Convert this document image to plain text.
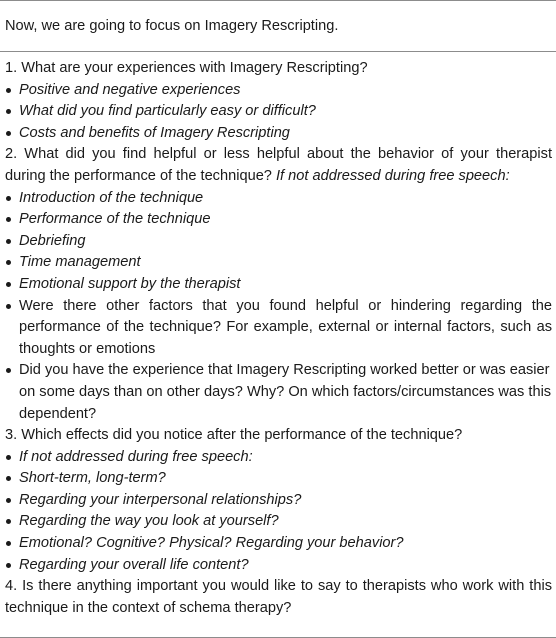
Now, we are going to focus on Imagery Rescripting.

1. What are your experiences with Imagery Rescripting?

Positive and negative experiences
What did you find particularly easy or difficult?
Costs and benefits of Imagery Rescripting

2. What did you find helpful or less helpful about the behavior of your therapist during the performance of the technique? If not addressed during free speech:

Introduction of the technique
Performance of the technique
Debriefing
Time management
Emotional support by the therapist
Were there other factors that you found helpful or hindering regarding the performance of the technique? For example, external or internal factors, such as thoughts or emotions
Did you have the experience that Imagery Rescripting worked better or was easier on some days than on other days? Why? On which factors/circumstances was this dependent?

3. Which effects did you notice after the performance of the technique?

If not addressed during free speech:
Short-term, long-term?
Regarding your interpersonal relationships?
Regarding the way you look at yourself?
Emotional? Cognitive? Physical? Regarding your behavior?
Regarding your overall life content?

4. Is there anything important you would like to say to therapists who work with this technique in the context of schema therapy?
